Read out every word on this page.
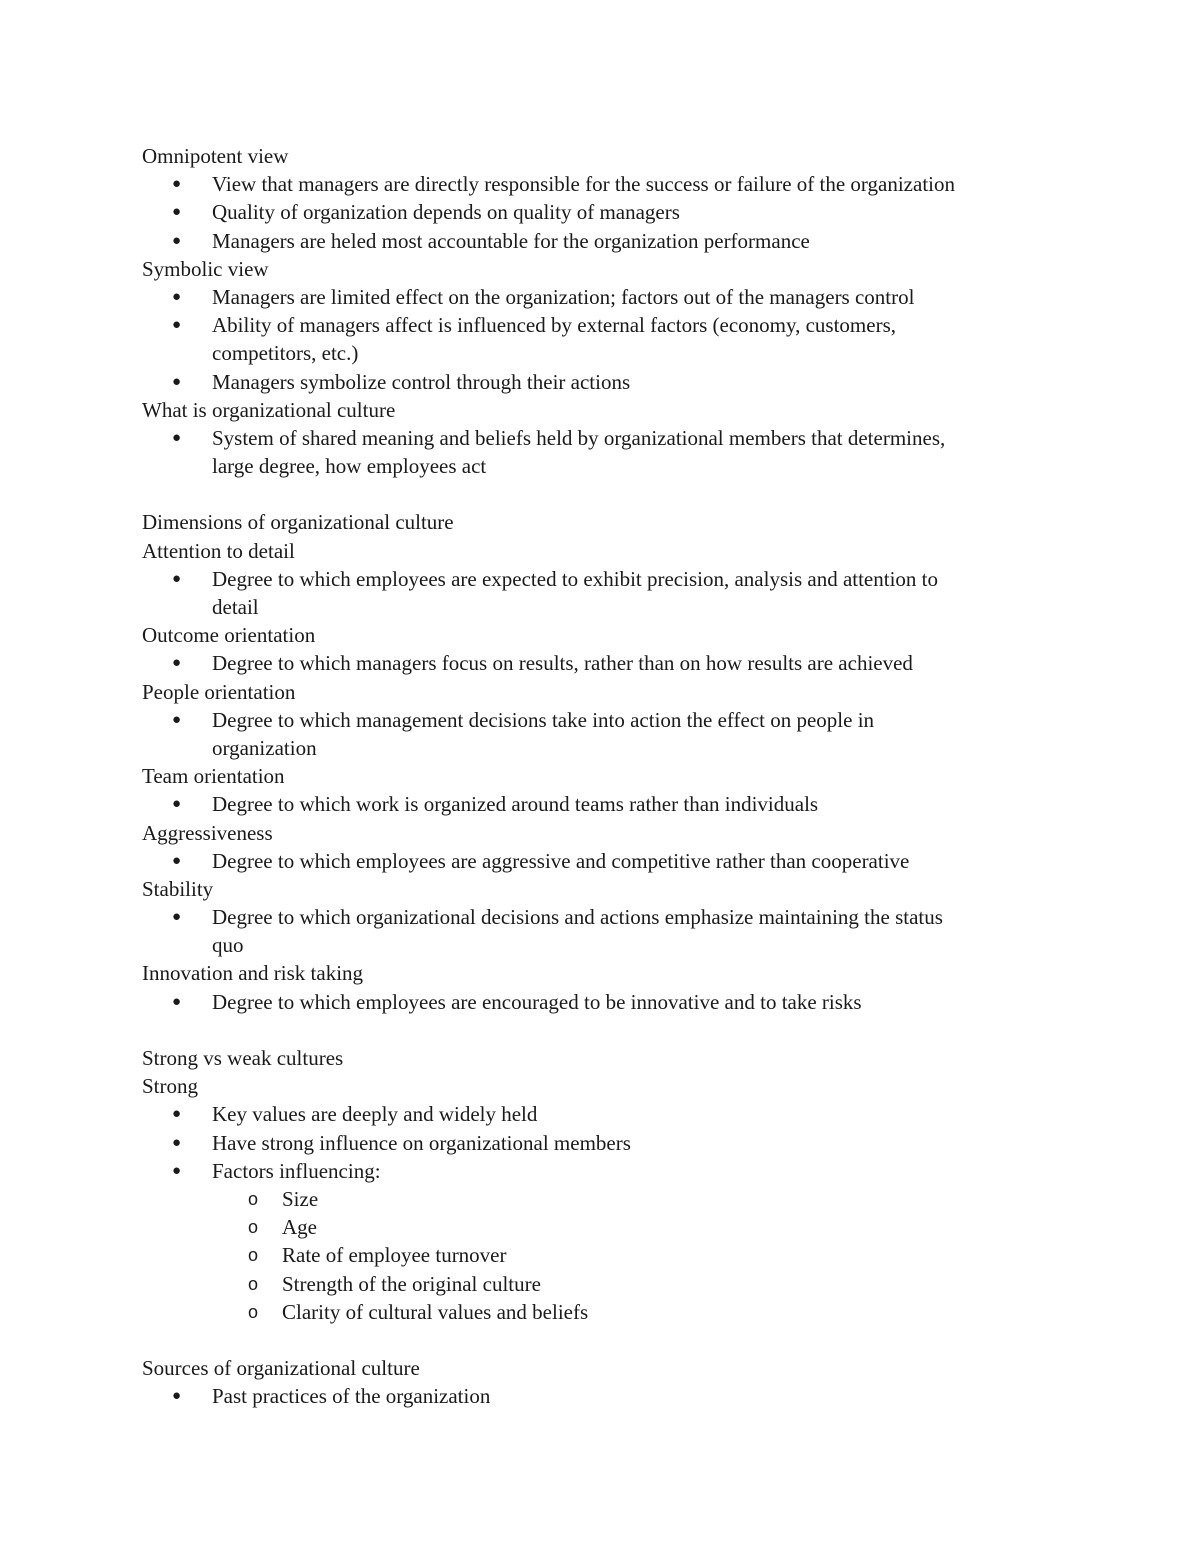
Omnipotent view
● View that managers are directly responsible for the success or failure of the organization
● Quality of organization depends on quality of managers
● Managers are heled most accountable for the organization performance
Symbolic view
● Managers are limited effect on the organization; factors out of the managers control
● Ability of managers affect is influenced by external factors (economy, customers,
competitors, etc.)
● Managers symbolize control through their actions
What is organizational culture
● System of shared meaning and beliefs held by organizational members that determines,
large degree, how employees act
Dimensions of organizational culture
Attention to detail
● Degree to which employees are expected to exhibit precision, analysis and attention to
detail
Outcome orientation
● Degree to which managers focus on results, rather than on how results are achieved
People orientation
● Degree to which management decisions take into action the effect on people in
organization
Team orientation
● Degree to which work is organized around teams rather than individuals
Aggressiveness
● Degree to which employees are aggressive and competitive rather than cooperative
Stability
● Degree to which organizational decisions and actions emphasize maintaining the status
quo
Innovation and risk taking
● Degree to which employees are encouraged to be innovative and to take risks
Strong vs weak cultures
Strong
● Key values are deeply and widely held
● Have strong influence on organizational members
● Factors influencing:
o Size
o Age
o Rate of employee turnover
o Strength of the original culture
o Clarity of cultural values and beliefs
Sources of organizational culture
● Past practices of the organization
